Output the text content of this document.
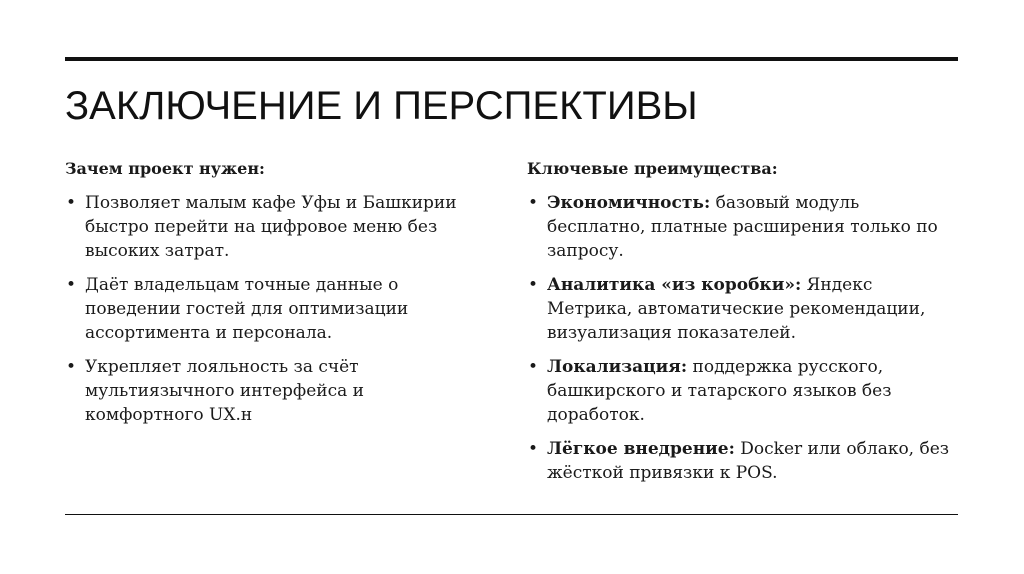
ЗАКЛЮЧЕНИЕ И ПЕРСПЕКТИВЫ
Зачем проект нужен:
• Позволяет малым кафе Уфы и Башкирии быстро перейти на цифровое меню без высоких затрат.
• Даёт владельцам точные данные о поведении гостей для оптимизации ассортимента и персонала.
• Укрепляет лояльность за счёт мультиязычного интерфейса и комфортного UX.н
Ключевые преимущества:
• Экономичность: базовый модуль бесплатно, платные расширения только по запросу.
• Аналитика «из коробки»: Яндекс Метрика, автоматические рекомендации, визуализация показателей.
• Локализация: поддержка русского, башкирского и татарского языков без доработок.
• Лёгкое внедрение: Docker или облако, без жёсткой привязки к POS.
